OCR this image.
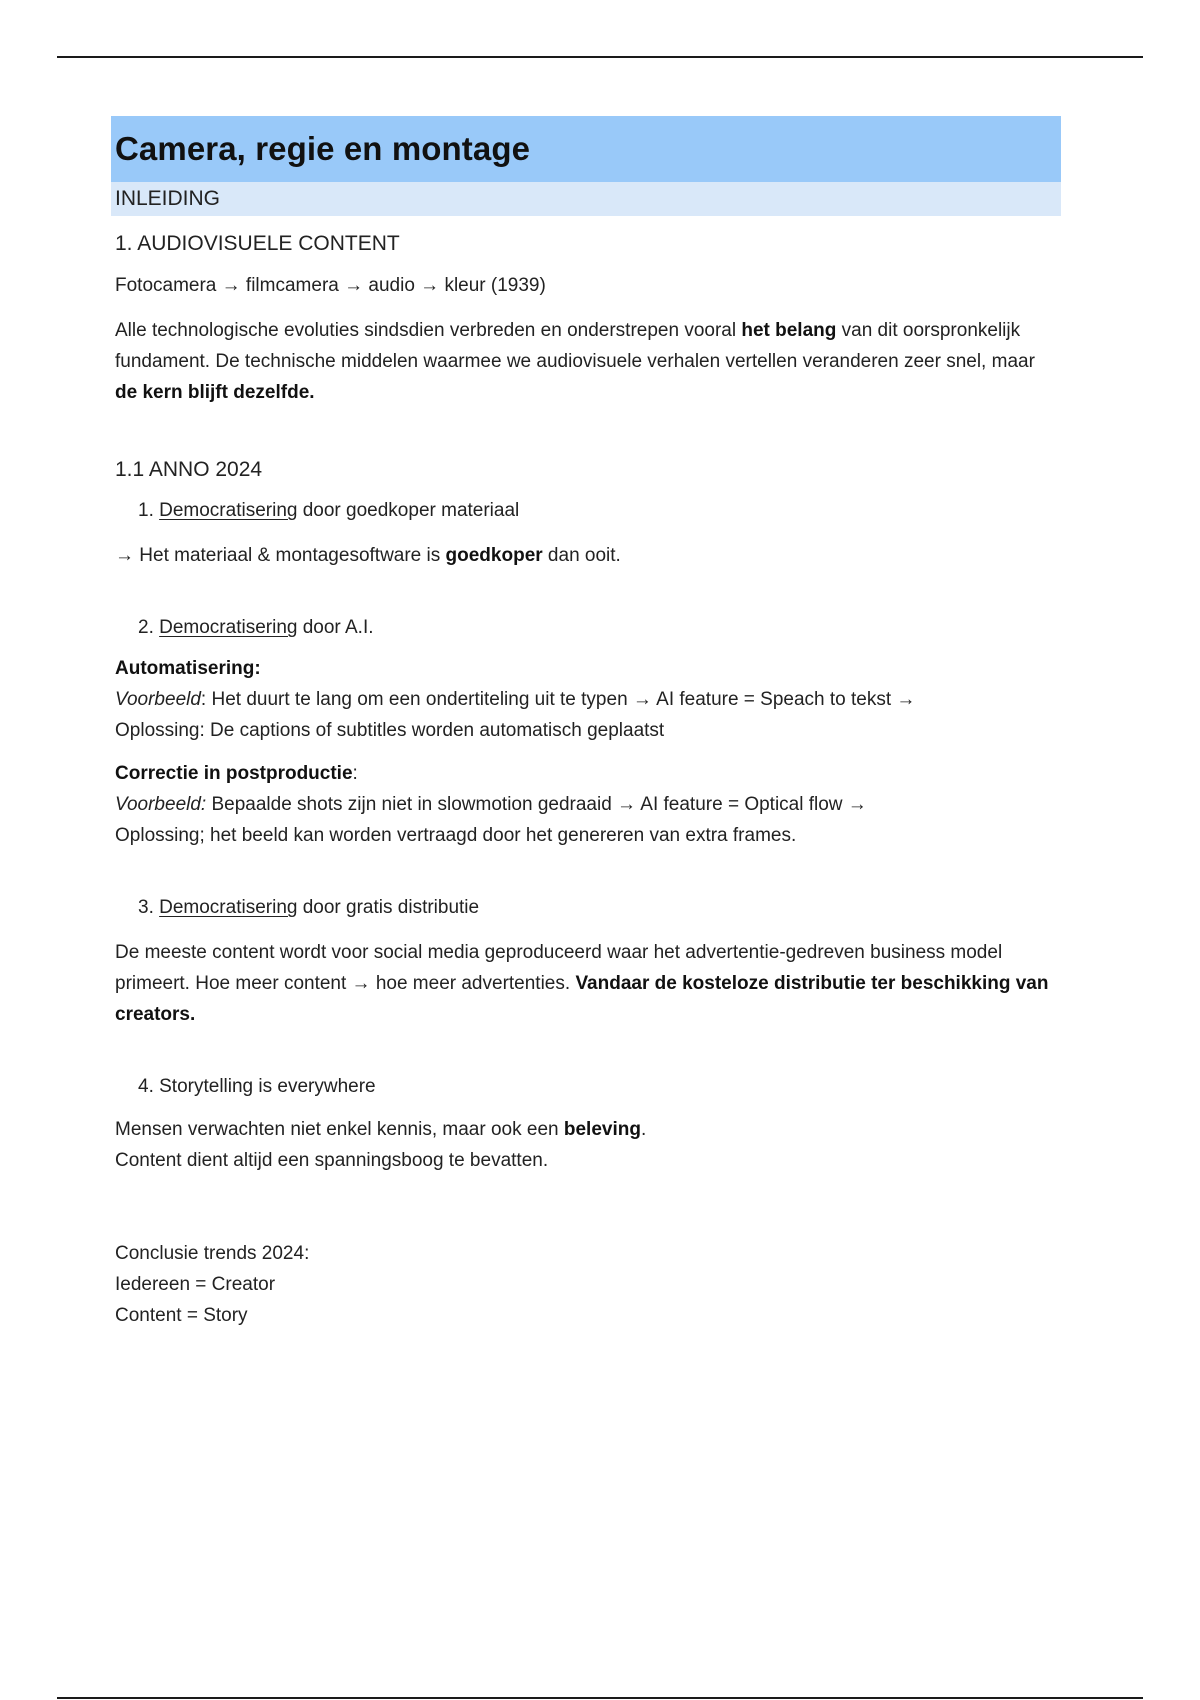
Camera, regie en montage
INLEIDING
1. AUDIOVISUELE CONTENT

Fotocamera → filmcamera → audio → kleur (1939)

Alle technologische evoluties sindsdien verbreden en onderstrepen vooral het belang van dit oorspronkelijk fundament. De technische middelen waarmee we audiovisuele verhalen vertellen veranderen zeer snel, maar de kern blijft dezelfde.

1.1 ANNO 2024
1. Democratisering door goedkoper materiaal

→ Het materiaal & montagesoftware is goedkoper dan ooit.

2. Democratisering door A.I.

Automatisering:
Voorbeeld: Het duurt te lang om een ondertiteling uit te typen → AI feature = Speach to tekst →
Oplossing: De captions of subtitles worden automatisch geplaatst

Correctie in postproductie:
Voorbeeld: Bepaalde shots zijn niet in slowmotion gedraaid → AI feature = Optical flow →
Oplossing; het beeld kan worden vertraagd door het genereren van extra frames.

3. Democratisering door gratis distributie

De meeste content wordt voor social media geproduceerd waar het advertentie-gedreven business model primeert. Hoe meer content → hoe meer advertenties. Vandaar de kosteloze distributie ter beschikking van creators.

4. Storytelling is everywhere

Mensen verwachten niet enkel kennis, maar ook een beleving.
Content dient altijd een spanningsboog te bevatten.

Conclusie trends 2024:
Iedereen = Creator
Content = Story
